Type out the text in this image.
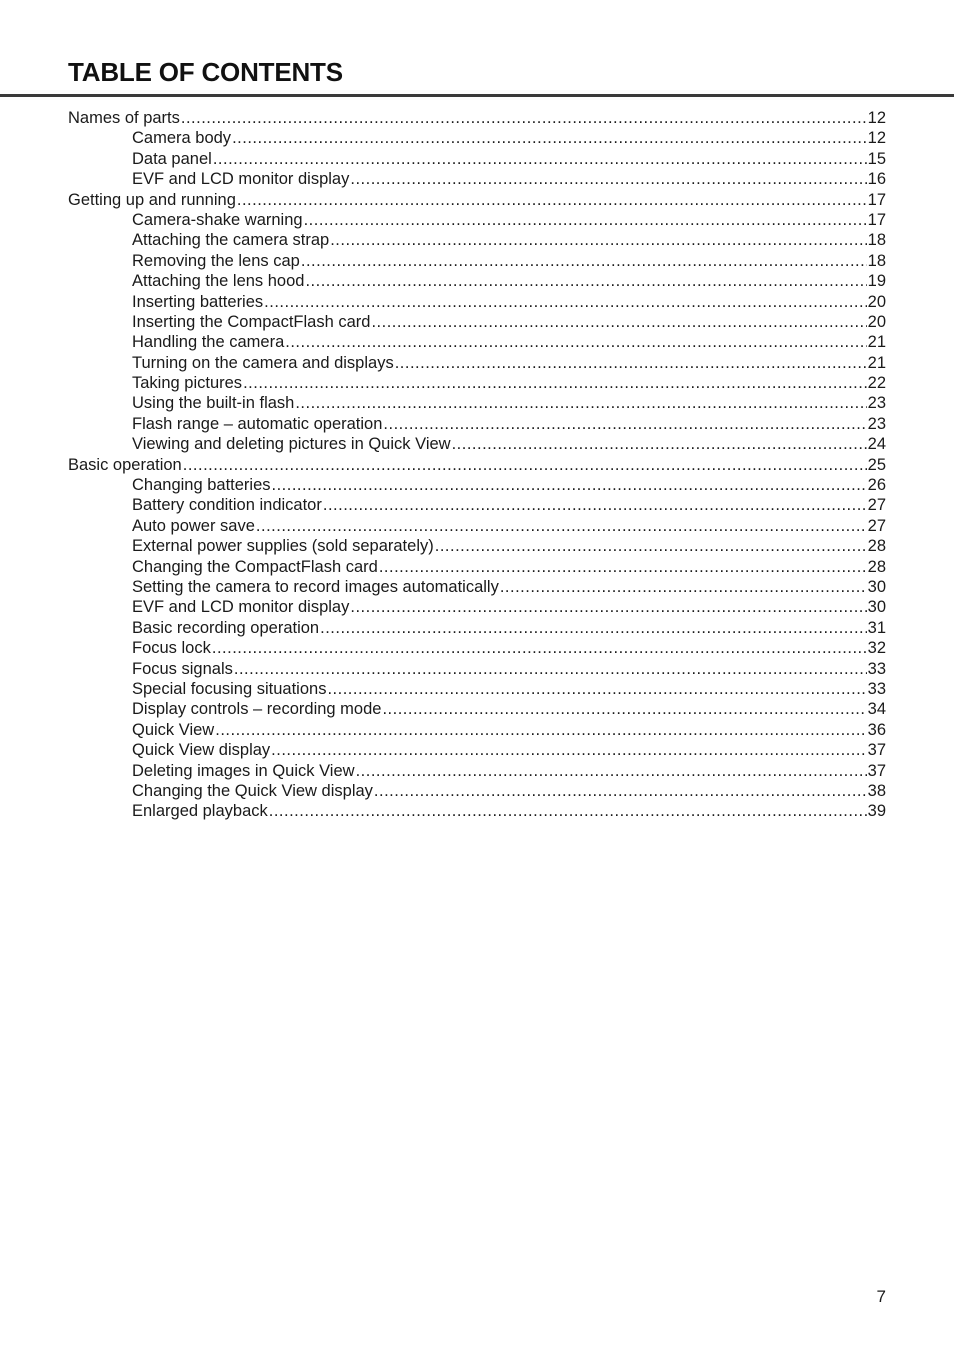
TABLE OF CONTENTS
Names of parts .....	12
Camera body .....	12
Data panel .....	15
EVF and LCD monitor display .....	16
Getting up and running .....	17
Camera-shake warning .....	17
Attaching the camera strap .....	18
Removing the lens cap .....	18
Attaching the lens hood .....	19
Inserting batteries .....	20
Inserting the CompactFlash card .....	20
Handling the camera .....	21
Turning on the camera and displays .....	21
Taking pictures .....	22
Using the built-in flash .....	23
Flash range – automatic operation .....	23
Viewing and deleting pictures in Quick View .....	24
Basic operation .....	25
Changing batteries .....	26
Battery condition indicator .....	27
Auto power save .....	27
External power supplies (sold separately) .....	28
Changing the CompactFlash card .....	28
Setting the camera to record images automatically .....	30
EVF and LCD monitor display .....	30
Basic recording operation .....	31
Focus lock .....	32
Focus signals .....	33
Special focusing situations .....	33
Display controls – recording mode .....	34
Quick View .....	36
Quick View display .....	37
Deleting images in Quick View .....	37
Changing the Quick View display .....	38
Enlarged playback .....	39
7
